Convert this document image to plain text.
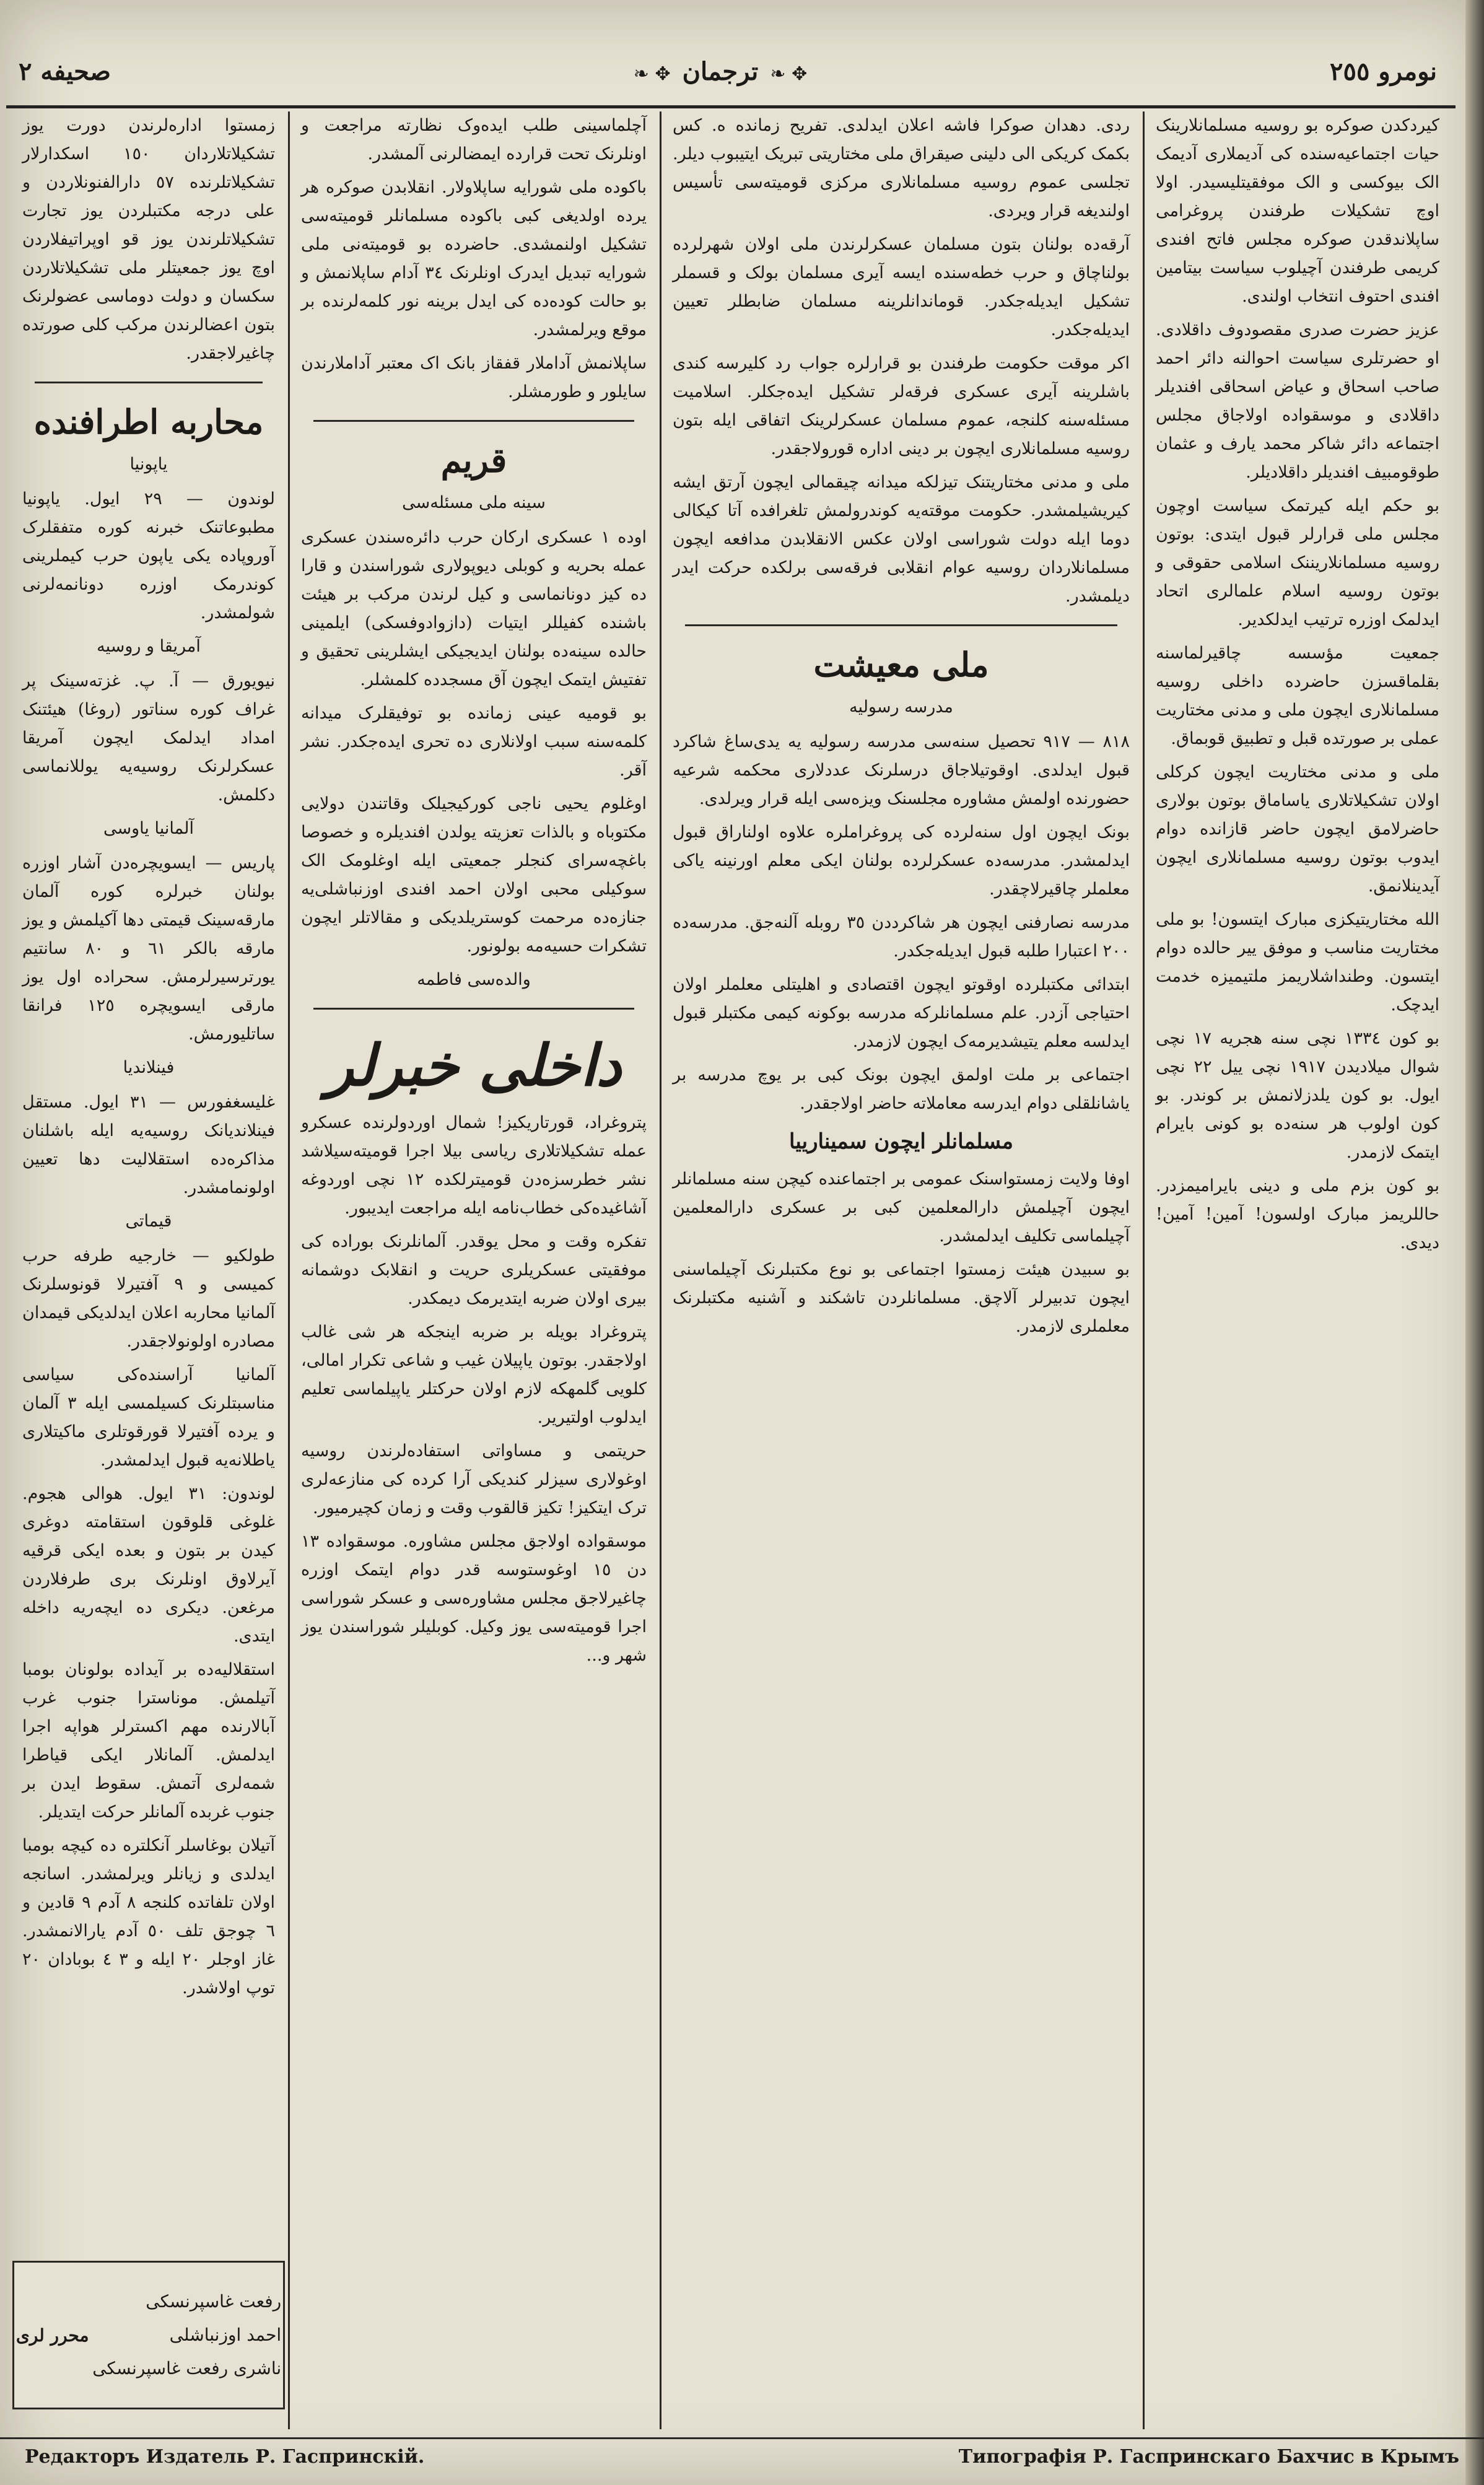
نومرو ٢٥٥
✥ ❧ ترجمان ✥ ❧
صحیفه ٢

کیردکدن صوکره بو روسیه مسلمانلارینک حیات اجتماعیه‌سنده کی آدیملاری آدیمک الک بیوکسی و الک موفقیتلیسیدر. اولا اوچ تشکیلات طرفندن پروغرامی ساپلاندقدن صوکره مجلس فاتح افندی کریمی طرفندن آچیلوب سیاست بیتامین افندی احتوف انتخاب اولندی.

عزیز حضرت صدری مقصودوف داقلادی. او حضرتلری سیاست احوالنه دائر احمد صاحب اسحاق و عیاض اسحاقی افندیلر داقلادی و موسقواده اولاجاق مجلس اجتماعه دائر شاکر محمد یارف و عثمان طوقومبیف افندیلر داقلادیلر.

بو حکم ایله کیرتمک سیاست اوچون مجلس ملی قرارلر قبول ایتدی: بوتون روسیه مسلمانلاریننک اسلامی حقوقی و بوتون روسیه اسلام علمالری اتحاد ایدلمک اوزره ترتیب ایدلکدیر.

جمعیت مؤسسه چاقیرلماسنه بقلماقسزن حاضرده داخلی روسیه مسلمانلاری ایچون ملی و مدنی مختاریت عملی بر صورتده قبل و تطبیق قوبماق.

ملی و مدنی مختاریت ایچون کرکلی اولان تشکیلاتلاری یاساماق بوتون بولاری حاضرلامق ایچون حاضر قازانده دوام ایدوب بوتون روسیه مسلمانلاری ایچون آیدینلانمق.

الله مختاریتیکزی مبارک ایتسون! بو ملی مختاریت مناسب و موفق ییر حالده دوام ایتسون. وطنداشلاریمز ملتیمیزه خدمت ایدچک.

بو کون ١٣٣٤ نچی سنه هجریه‌ ١٧ نچی شوال میلادیدن ١٩١٧ نچی ییل ٢٢ نچی ایول. بو کون یلدزلانمش بر کوندر. بو کون اولوب هر سنه‌ده بو کونی بایرام ایتمک لازمدر.

بو کون بزم ملی و دینی بایرامیمزدر. حاللریمز مبارک اولسون! آمین! آمین! دیدی.

ردی. دهدان صوکرا فاشه اعلان ایدلدی. تفریح زمانده ه. کس بکمک کریکی الی دلینی صیقراق ملی مختاریتی تبریک ایتیبوب دیلر. تجلسی عموم روسیه مسلمانلاری مرکزی قومیته‌سی تأسیس اولندیغه قرار ویردی.

آرقه‌ده بولنان بتون مسلمان عسکرلرندن ملی اولان شهرلرده بولناچاق و حرب خطه‌سنده ایسه آیری مسلمان بولک و قسملر تشکیل ایدیله‌جکدر. قوماندانلرینه مسلمان ضابطلر تعیین ایدیله‌جکدر.

اکر موقت حکومت طرفندن بو قرارلره جواب رد کلیرسه کندی باشلرینه آیری عسکری فرقه‌لر تشکیل ایده‌جکلر. اسلامیت مسئله‌سنه کلنجه، عموم مسلمان عسکرلرینک اتفاقی ایله بتون روسیه مسلمانلاری ایچون بر دینی اداره قورولاجقدر.

ملی و مدنی مختاریتنک تیزلکه میدانه چیقمالی ایچون آرتق ایشه کیریشیلمشدر. حکومت موقته‌یه کوندرولمش تلغرافده آتا کیکالی دوما ایله دولت شوراسی اولان عکس الانقلابدن مدافعه ایچون مسلمانلاردان روسیه عوام انقلابی فرقه‌سی برلکده حرکت ایدر دیلمشدر.

ملی معیشت
مدرسه رسولیه

٨١٨ — ٩١٧ تحصیل سنه‌سی مدرسه رسولیه یه یدی‌ساغ شاکرد قبول ایدلدی. اوقوتیلاجاق درسلرنک عددلاری محکمه شرعیه حضورنده اولمش مشاوره مجلسنک ویزه‌سی ایله قرار ویرلدی.

بونک ایچون اول سنه‌لرده کی پروغراملره علاوه اولناراق قبول ایدلمشدر. مدرسه‌ده عسکرلرده بولنان ایکی معلم اورنینه یاکی معلملر چاقیرلاچقدر.

مدرسه نصارفنی ایچون هر شاکرددن ٣٥ روبله آلنه‌جق. مدرسه‌ده ٢٠٠ اعتبارا طلبه قبول ایدیله‌جکدر.

ابتدائی مکتبلرده اوقوتو ایچون اقتصادی و اهلیتلی معلملر اولان احتیاجی آزدر. علم مسلمانلرکه مدرسه بوکونه کیمی مکتبلر قبول ایدلسه معلم یتیشدیرمه‌ک ایچون لازمدر.

اجتماعی بر ملت اولمق ایچون بونک کبی بر یوچ مدرسه بر یاشانلقلی دوام ایدرسه معاملاته حاضر اولاجقدر.

مسلمانلر ایچون سمینارییا

اوفا ولایت زمستواسنک عمومی بر اجتماعنده کیچن سنه مسلمانلر ایچون آچیلمش دارالمعلمین کبی بر عسکری دارالمعلمین آچیلماسی تکلیف ایدلمشدر.

بو سبیدن هیئت زمستوا اجتماعی بو نوع مکتبلرنک آچیلماسنی ایچون تدبیرلر آلاچق. مسلمانلردن تاشکند و آشنیه مکتبلرنک معلملری لازمدر.

آچلماسینی طلب ایده‌وک نظارته مراجعت و اونلرنک تحت قرارده ایمضالرنی آلمشدر.

باکوده ملی شورایه ساپلاولار. انقلابدن صوکره هر یرده اولدیغی کبی باکوده مسلمانلر قومیته‌سی تشکیل اولنمشدی. حاضرده بو قومیته‌نی ملی شورایه تبدیل ایدرک اونلرنک ٣٤ آدام ساپلانمش و بو حالت کوده‌ده کی ایدل برینه نور کلمه‌لرنده بر موقع ویرلمشدر.

ساپلانمش آداملار قفقاز بانک اک معتبر آداملارندن سایلور و طورمشلر.

قریم
سینه ملی مسئله‌سی

اوده ١ عسکری ارکان حرب دائره‌سندن عسکری عمله بحریه و کوبلی دیوپولاری شوراسندن و قارا ده کیز دونانماسی و کیل لرندن مرکب بر هیئت باشنده کفیللر ایتیات (دازوادوفسکی) ایلمینی حالده سینه‌ده بولنان ایدیجیکی ایشلرینی تحقیق و تفتیش ایتمک ایچون آق مسجدده کلمشلر.

بو قومیه عینی زمانده بو توفیقلرک میدانه کلمه‌سنه سبب اولانلاری ده تحری ایده‌جکدر. نشر آقر.

اوغلوم یحیی ناجی کورکیجیلک وقاتندن دولایی مکتوباه و بالذات تعزیته یولدن افندیلره و خصوصا باغچه‌سرای کنجلر جمعیتی ایله اوغلومک الک سوکیلی محبی اولان احمد افندی اوزنباشلی‌یه جنازه‌ده مرحمت کوستریلدیکی و مقالاتلر ایچون تشکرات حسیه‌مه بولونور.

والده‌سی فاطمه
داخلی خبرلر

پتروغراد، قورتاریکیز! شمال اوردولرنده عسکرو عمله تشکیلاتلاری ریاسی بیلا اجرا قومیته‌سیلاشد نشر خطرسزه‌دن قومیترلکده ١٢ نچی اوردوغه آشاغیده‌کی خطاب‌نامه ایله مراجعت ایدیبور.

تفکره وقت و محل یوقدر. آلمانلرنک بوراده کی موفقیتی عسکریلری حریت و انقلابک دوشمانه بیری اولان ضربه ایتدیرمک دیمکدر.

پتروغراد بویله بر ضربه اینجکه هر شی غالب اولاجقدر. بوتون یاپیلان غیب و شاعی تکرار امالی، کلویی گلمهکه لازم اولان حرکتلر یاپیلماسی تعلیم ایدلوب اولتیریر.

حریتمی و مساواتی استفاده‌لرندن روسیه اوغولاری سیزلر کندیکی آرا کرده کی منازعه‌لری ترک ایتکیز! تکیز قالقوب وقت و زمان کچیرمیور.

موسقواده اولاجق مجلس مشاوره. موسقواده ١٣ دن ١٥ اوغوستوسه قدر دوام ایتمک اوزره چاغیرلاجق مجلس مشاوره‌سی و عسکر شوراسی اجرا قومیته‌سی یوز وکیل. کوبلیلر شوراسندن یوز شهر و...

زمستوا اداره‌لرندن دورت یوز تشکیلاتلاردان ١٥٠ اسکدارلار تشکیلاتلرنده ٥٧ دارالفنونلاردن و علی درجه مکتبلردن یوز تجارت تشکیلاتلرندن یوز قو اوپراتیفلاردن اوچ یوز جمعیتلر ملی تشکیلاتلاردن سکسان و دولت دوماسی عضولرنک بتون اعضالرندن مرکب کلی صورتده چاغیرلاجقدر.

محاربه اطرافنده
یاپونیا

لوندون — ٢٩ ایول. یاپونیا مطبوعاتنک خبرنه کوره متفقلرک آوروپاده یکی یاپون حرب کیملرینی کوندرمک اوزره دونانمه‌لرنی شولمشدر.

آمریقا و روسیه

نیویورق — آ. پ. غزته‌سینک پر غراف کوره سناتور (روغا) هیئتنک امداد ایدلمک ایچون آمریقا عسکرلرنک روسیه‌یه یوللانماسی دکلمش.

آلمانیا یاوسی

پاریس — ایسویچره‌دن آشار اوزره بولنان خبرلره کوره آلمان مارقه‌سینک قیمتی دها آکیلمش و یوز مارقه بالکر ٦١ و ٨٠ سانتیم یورترسیرلرمش. سحراده اول یوز مارقی ایسویچره ١٢٥ فرانقا ساتلیورمش.

فینلاندیا

غلیسغفورس — ٣١ ایول. مستقل فینلاندیانک روسیه‌یه ایله باشلنان مذاکره‌ده استقلالیت دها تعیین اولونمامشدر.

قیماتی

طولکیو — خارجیه طرفه حرب کمیسی و ٩ آفتیرلا قونوسلرنک آلمانیا محاربه اعلان ایدلدیکی قیمدان مصادره اولونولاجقدر.

آلمانیا آراسنده‌کی سیاسی مناسبتلرنک کسیلمسی ایله ٣ آلمان و یرده آفتیرلا قورقوتلری ماکیتلاری یاطلانه‌یه قبول ایدلمشدر.

لوندون: ٣١ ایول. هوالی هجوم. غلوغی قلوقون استقامته دوغری کیدن بر بتون و بعده ایکی قرقیه آیرلاوق اونلرنک بری طرفلاردن مرغعن. دیکری ده ایچه‌ریه داخله ایتدی.

استقلالیه‌ده بر آیداده بولونان بومبا آتیلمش. موناسترا جنوب غرب آبالارنده مهم اکسترلر هواپه اجرا ایدلمش. آلمانلار ایکی قیاطرا شمه‌لری آتمش. سقوط ایدن بر جنوب غربده آلمانلر حرکت ایتدیلر.

آتیلان بوغاسلر آنکلتره ده کیچه بومبا ایدلدی و زیانلر ویرلمشدر. اسانجه اولان تلفاتده کلنجه ٨ آدم ٩ قادین و ٦ چوجق تلف ٥٠ آدم یارالانمشدر. غاز اوجلر ٢٠ ایله و ٣ ٤ بوبادان ٢٠ توپ اولاشدر.

رفعت غاسپرنسکی
احمد اوزنباشلی
ناشری رفعت غاسپرنسکی
محرر لری
Редакторъ Издатель Р. Гаспринскій.	Типографія Р. Гаспринскаго Бахчис в Крымъ
